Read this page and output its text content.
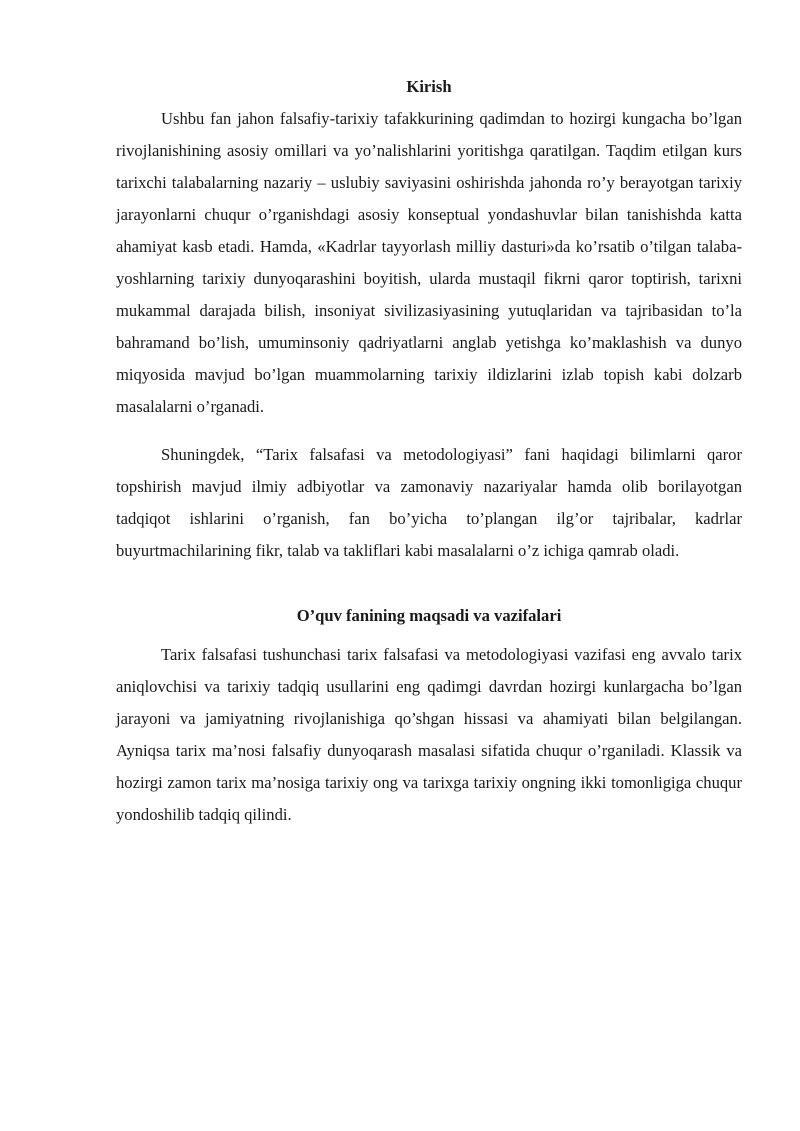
Kirish

Ushbu fan jahon falsafiy-tarixiy tafakkurining qadimdan to hozirgi kungacha bo’lgan rivojlanishining asosiy omillari va yo’nalishlarini yoritishga qaratilgan. Taqdim etilgan kurs tarixchi talabalarning nazariy – uslubiy saviyasini oshirishda jahonda ro’y berayotgan tarixiy jarayonlarni chuqur o’rganishdagi asosiy konseptual yondashuvlar bilan tanishishda katta ahamiyat kasb etadi. Hamda, «Kadrlar tayyorlash milliy dasturi»da ko’rsatib o’tilgan talaba-yoshlarning tarixiy dunyoqarashini boyitish, ularda mustaqil fikrni qaror toptirish, tarixni mukammal darajada bilish, insoniyat sivilizasiyasining yutuqlaridan va tajribasidan to’la bahramand bo’lish, umuminsoniy qadriyatlarni anglab yetishga ko’maklashish va dunyo miqyosida mavjud bo’lgan muammolarning tarixiy ildizlarini izlab topish kabi dolzarb masalalarni o’rganadi.

Shuningdek, “Tarix falsafasi va metodologiyasi” fani haqidagi bilimlarni qaror topshirish mavjud ilmiy adbiyotlar va zamonaviy nazariyalar hamda olib borilayotgan tadqiqot ishlarini o’rganish, fan bo’yicha to’plangan ilg’or tajribalar, kadrlar buyurtmachilarining fikr, talab va takliflari kabi masalalarni o’z ichiga qamrab oladi.

O’quv fanining maqsadi va vazifalari

Tarix falsafasi tushunchasi tarix falsafasi va metodologiyasi vazifasi eng avvalo tarix aniqlovchisi va tarixiy tadqiq usullarini eng qadimgi davrdan hozirgi kunlargacha bo’lgan jarayoni va jamiyatning rivojlanishiga qo’shgan hissasi va ahamiyati bilan belgilangan. Ayniqsa tarix ma’nosi falsafiy dunyoqarash masalasi sifatida chuqur o’rganiladi. Klassik va hozirgi zamon tarix ma’nosiga tarixiy ong va tarixga tarixiy ongning ikki tomonligiga chuqur yondoshilib tadqiq qilindi.
